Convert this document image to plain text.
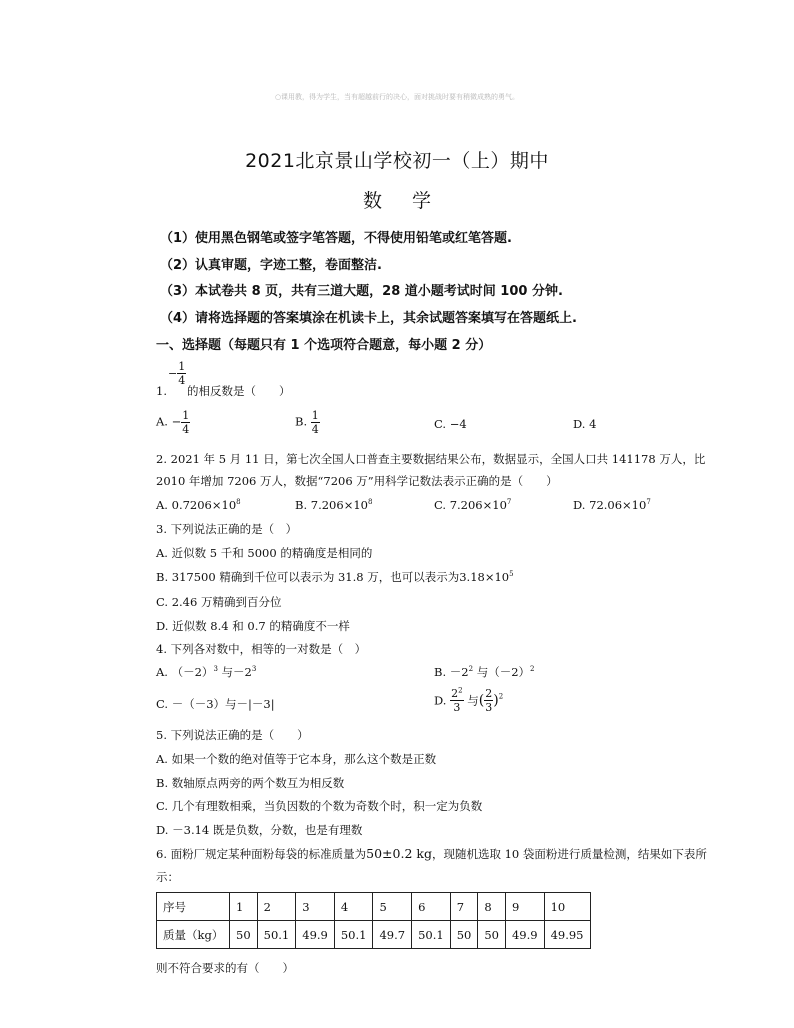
○课用教，得为学生，当有超越前行的决心，面对挑战时要有稍微成熟的勇气。
2021北京景山学校初一（上）期中
数学
（1）使用黑色钢笔或签字笔答题，不得使用铅笔或红笔答题.
（2）认真审题，字迹工整，卷面整洁.
（3）本试卷共 8 页，共有三道大题，28 道小题考试时间 100 分钟.
（4）请将选择题的答案填涂在机读卡上，其余试题答案填写在答题纸上.
一、选择题（每题只有 1 个选项符合题意，每小题 2 分）
− $\frac{1}{4}$
1. 的相反数是（　　）
A. − $\frac{1}{4}$	B. $\frac{1}{4}$	C. −4	D. 4
2. 2021 年 5 月 11 日，第七次全国人口普查主要数据结果公布，数据显示，全国人口共 141178 万人，比
2010 年增加 7206 万人，数据“7206 万”用科学记数法表示正确的是（　　）
A. $0.7206\times 10^8$	B. $7.206\times 10^8$	C. $7.206\times 10^7$	D. $72.06\times 10^7$
3. 下列说法正确的是（　）
A. 近似数 5 千和 5000 的精确度是相同的
B. 317500 精确到千位可以表示为 31.8 万，也可以表示为$3.18\times 10^5$
C. 2.46 万精确到百分位
D. 近似数 8.4 和 0.7 的精确度不一样
4. 下列各对数中，相等的一对数是（　）
A. $(-2)^3$ 与$-2^3$	B. $-2^2$ 与$(-2)^2$
C. －（－3）与－|－3|	D. $\frac{2^2}{3}$ 与( $\frac{2}{3} )^2$
5. 下列说法正确的是（　　）
A. 如果一个数的绝对值等于它本身，那么这个数是正数
B. 数轴原点两旁的两个数互为相反数
C. 几个有理数相乘，当负因数的个数为奇数个时，积一定为负数
D. －3.14 既是负数，分数，也是有理数
6. 面粉厂规定某种面粉每袋的标准质量为50±0.2 kg，现随机选取 10 袋面粉进行质量检测，结果如下表所
示：
序号	1	2	3	4	5	6	7	8	9	10
质量（kg）	50	50.1	49.9	50.1	49.7	50.1	50	50	49.9	49.95
则不符合要求的有（　　）
